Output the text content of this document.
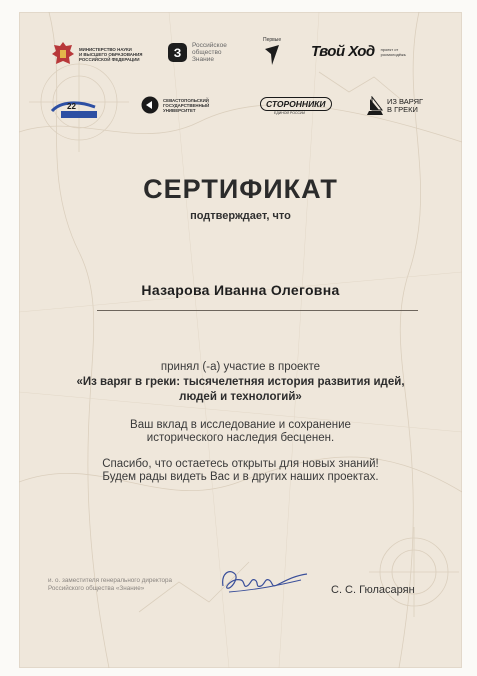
МИНИСТЕРСТВО НАУКИ
И ВЫСШЕГО ОБРАЗОВАНИЯ
РОССИЙСКОЙ ФЕДЕРАЦИИ	З	Российское
общество
Знание
Первые
Твой Ход проект от росмолодёжь
22
СЕВАСТОПОЛЬСКИЙ
ГОСУДАРСТВЕННЫЙ
УНИВЕРСИТЕТ
СТОРОННИКИ
ЕДИНОЙ РОССИИ
ИЗ ВАРЯГ
В ГРЕКИ
СЕРТИФИКАТ
подтверждает, что
Назарова Иванна Олеговна
принял (-а) участие в проекте
«Из варяг в греки: тысячелетняя история развития идей,
людей и технологий»
Ваш вклад в исследование и сохранение
исторического наследия бесценен.
Спасибо, что остаетесь открыты для новых знаний!
Будем рады видеть Вас и в других наших проектах.
и. о. заместителя генерального директора
Российского общества «Знание»	С. С. Гюласарян
